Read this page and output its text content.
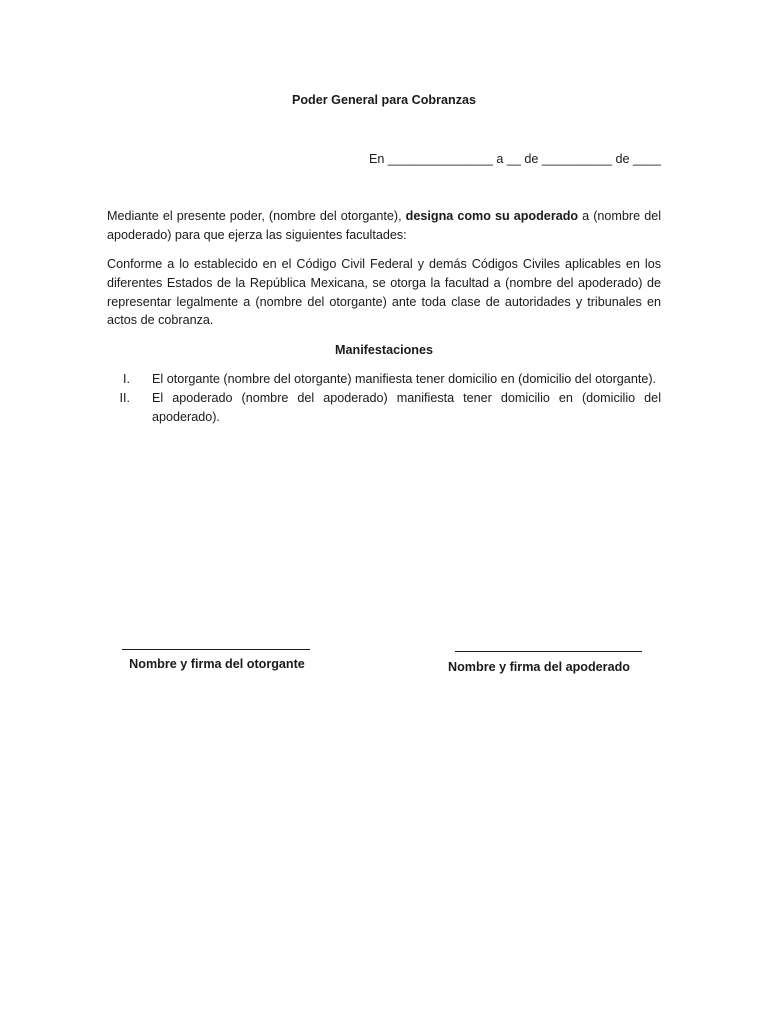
Poder General para Cobranzas
En _______________ a __ de __________ de ____
Mediante el presente poder, (nombre del otorgante), designa como su apoderado a (nombre del apoderado) para que ejerza las siguientes facultades:
Conforme a lo establecido en el Código Civil Federal y demás Códigos Civiles aplicables en los diferentes Estados de la República Mexicana, se otorga la facultad a (nombre del apoderado) de representar legalmente a (nombre del otorgante) ante toda clase de autoridades y tribunales en actos de cobranza.
Manifestaciones
I. El otorgante (nombre del otorgante) manifiesta tener domicilio en (domicilio del otorgante).
II. El apoderado (nombre del apoderado) manifiesta tener domicilio en (domicilio del apoderado).
Nombre y firma del otorgante	Nombre y firma del apoderado
